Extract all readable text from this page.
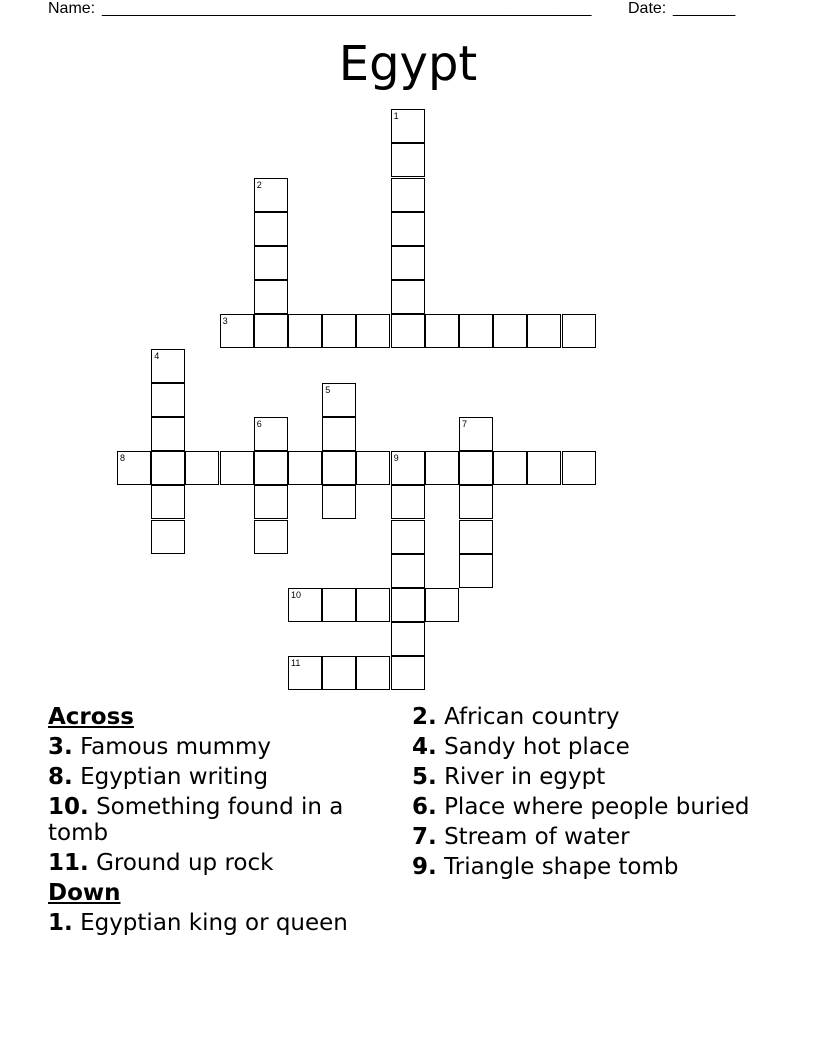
Name: _______________________________________________________ Date: _______
Egypt
1
2
3
4
5
6	7
8	9
10
11
Across
3. Famous mummy
8. Egyptian writing
10. Something found in a tomb
11. Ground up rock
Down
1. Egyptian king or queen
2. African country
4. Sandy hot place
5. River in egypt
6. Place where people buried
7. Stream of water
9. Triangle shape tomb
